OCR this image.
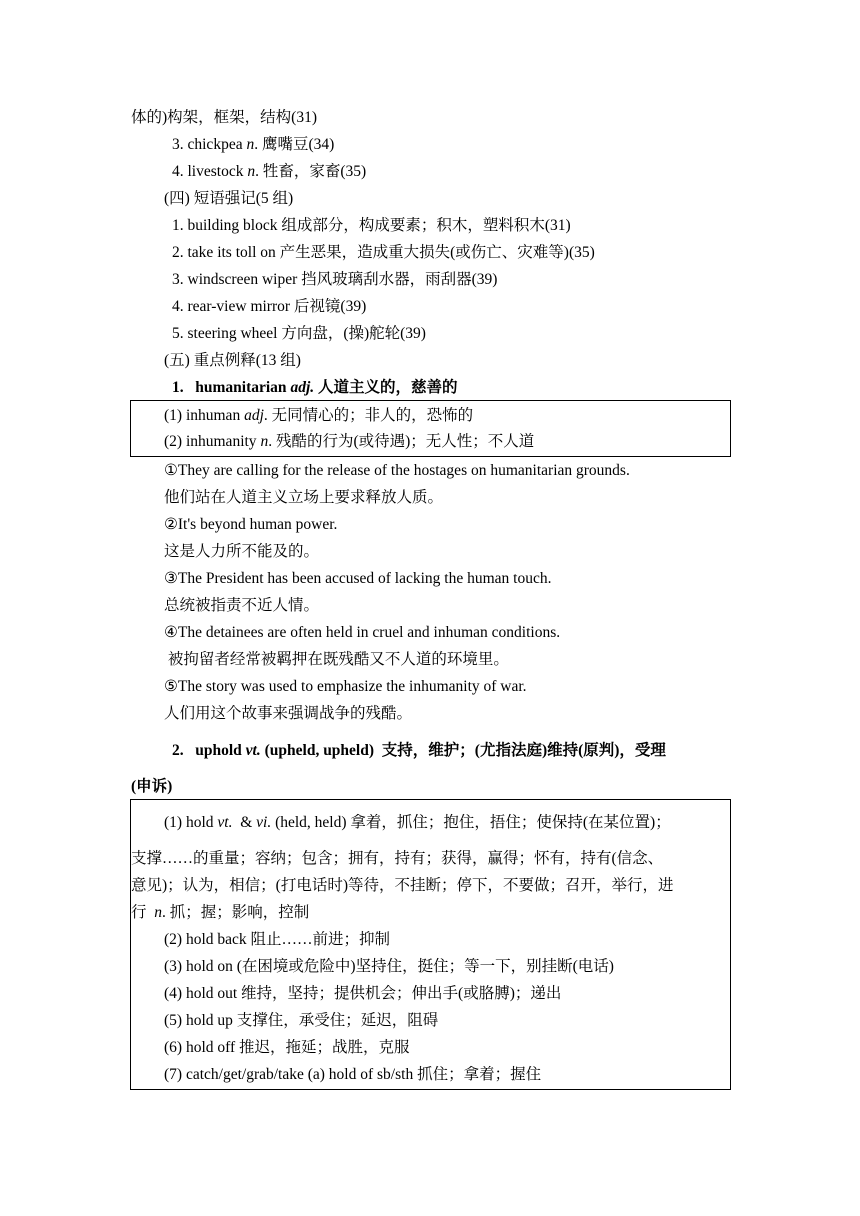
体的)构架，框架，结构(31)
3. chickpea n. 鹰嘴豆(34)
4. livestock n. 牲畜，家畜(35)
(四) 短语强记(5 组)
1. building block 组成部分，构成要素；积木，塑料积木(31)
2. take its toll on 产生恶果，造成重大损失(或伤亡、灾难等)(35)
3. windscreen wiper 挡风玻璃刮水器，雨刮器(39)
4. rear-view mirror 后视镜(39)
5. steering wheel 方向盘，(操)舵轮(39)
(五) 重点例释(13 组)
1. humanitarian adj. 人道主义的，慈善的
(1) inhuman adj. 无同情心的；非人的，恐怖的
(2) inhumanity n. 残酷的行为(或待遇)；无人性；不人道
①They are calling for the release of the hostages on humanitarian grounds.
他们站在人道主义立场上要求释放人质。
②It's beyond human power.
这是人力所不能及的。
③The President has been accused of lacking the human touch.
总统被指责不近人情。
④The detainees are often held in cruel and inhuman conditions.
被拘留者经常被羁押在既残酷又不人道的环境里。
⑤The story was used to emphasize the inhumanity of war.
人们用这个故事来强调战争的残酷。
2. uphold vt. (upheld, upheld) 支持，维护；(尤指法庭)维持(原判)，受理
(申诉)
(1) hold vt.  & vi. (held, held) 拿着，抓住；抱住，捂住；使保持(在某位置)；
支撑……的重量；容纳；包含；拥有，持有；获得，赢得；怀有，持有(信念、
意见)；认为，相信；(打电话时)等待，不挂断；停下，不要做；召开，举行，进
行  n. 抓；握；影响，控制
(2) hold back 阻止……前进；抑制
(3) hold on (在困境或危险中)坚持住，挺住；等一下，别挂断(电话)
(4) hold out 维持，坚持；提供机会；伸出手(或胳膊)；递出
(5) hold up 支撑住，承受住；延迟，阻碍
(6) hold off 推迟，拖延；战胜，克服
(7) catch/get/grab/take (a) hold of sb/sth 抓住；拿着；握住
